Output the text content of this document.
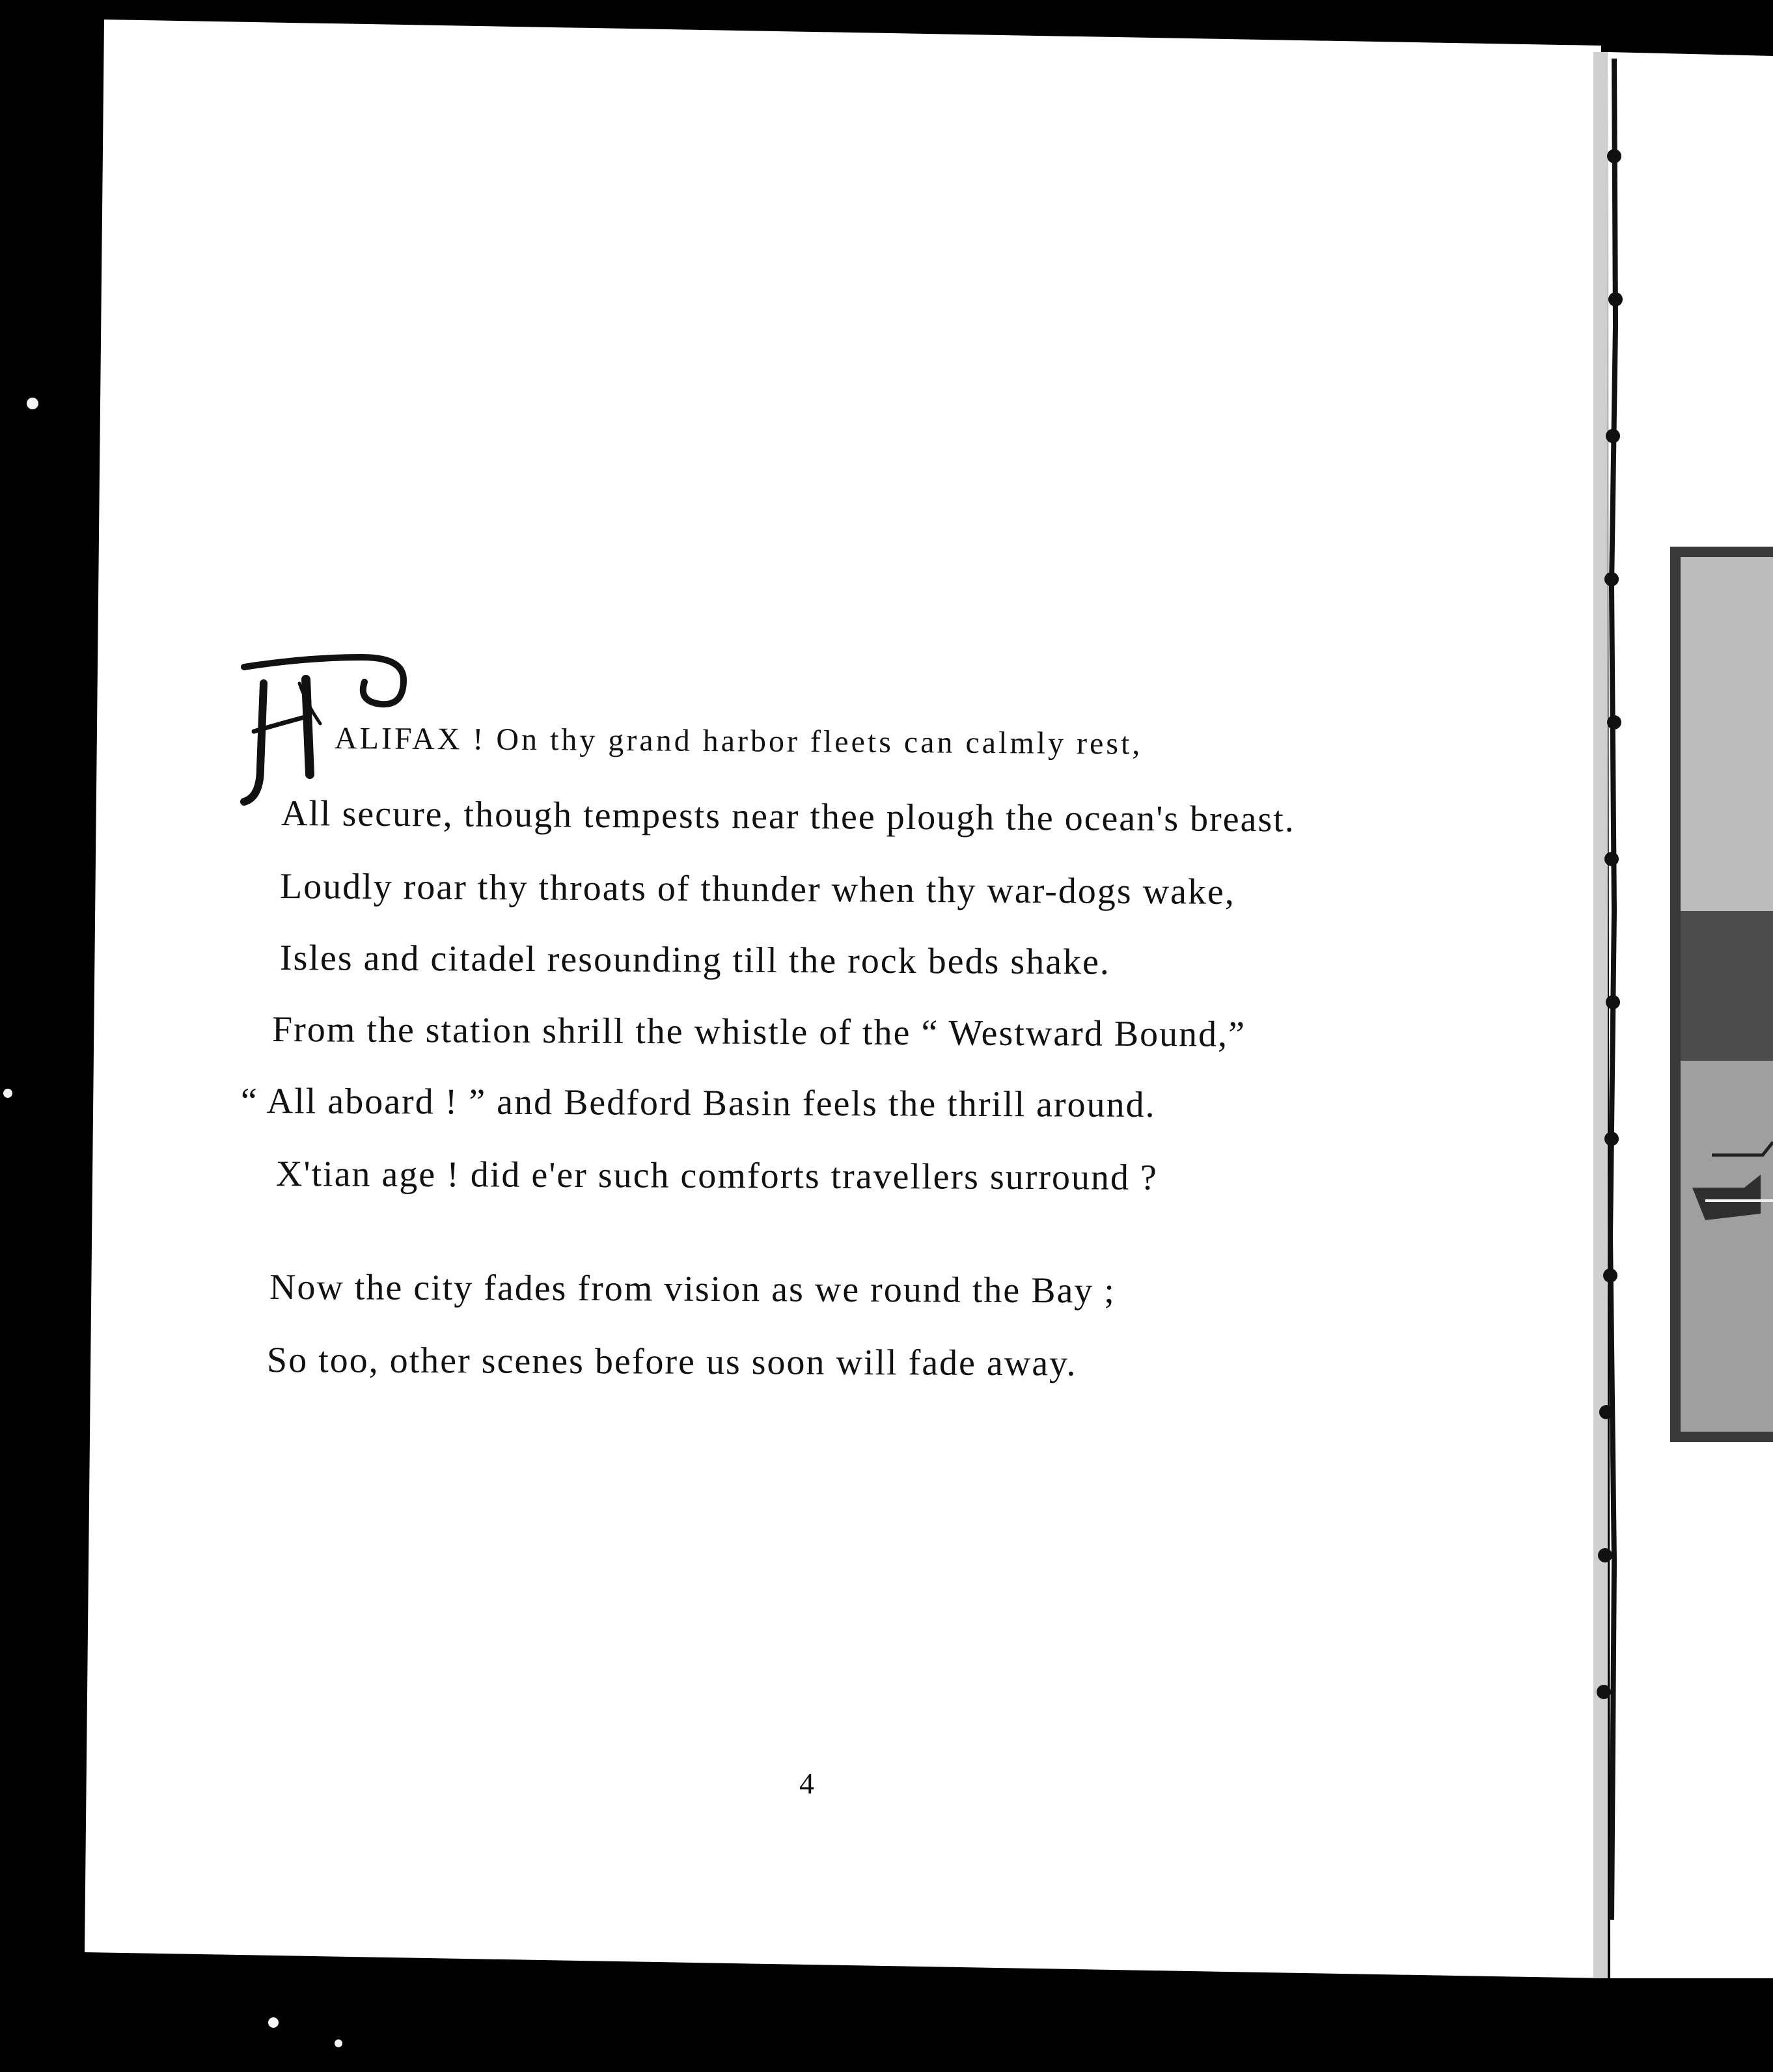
ALIFAX ! On thy grand harbor fleets can calmly rest,
All secure, though tempests near thee plough the ocean's breast.
Loudly roar thy throats of thunder when thy war-dogs wake,
Isles and citadel resounding till the rock beds shake.
From the station shrill the whistle of the “ Westward Bound,”
“ All aboard ! ” and Bedford Basin feels the thrill around.
X'tian age ! did e'er such comforts travellers surround ?
Now the city fades from vision as we round the Bay ;
So too, other scenes before us soon will fade away.
4
